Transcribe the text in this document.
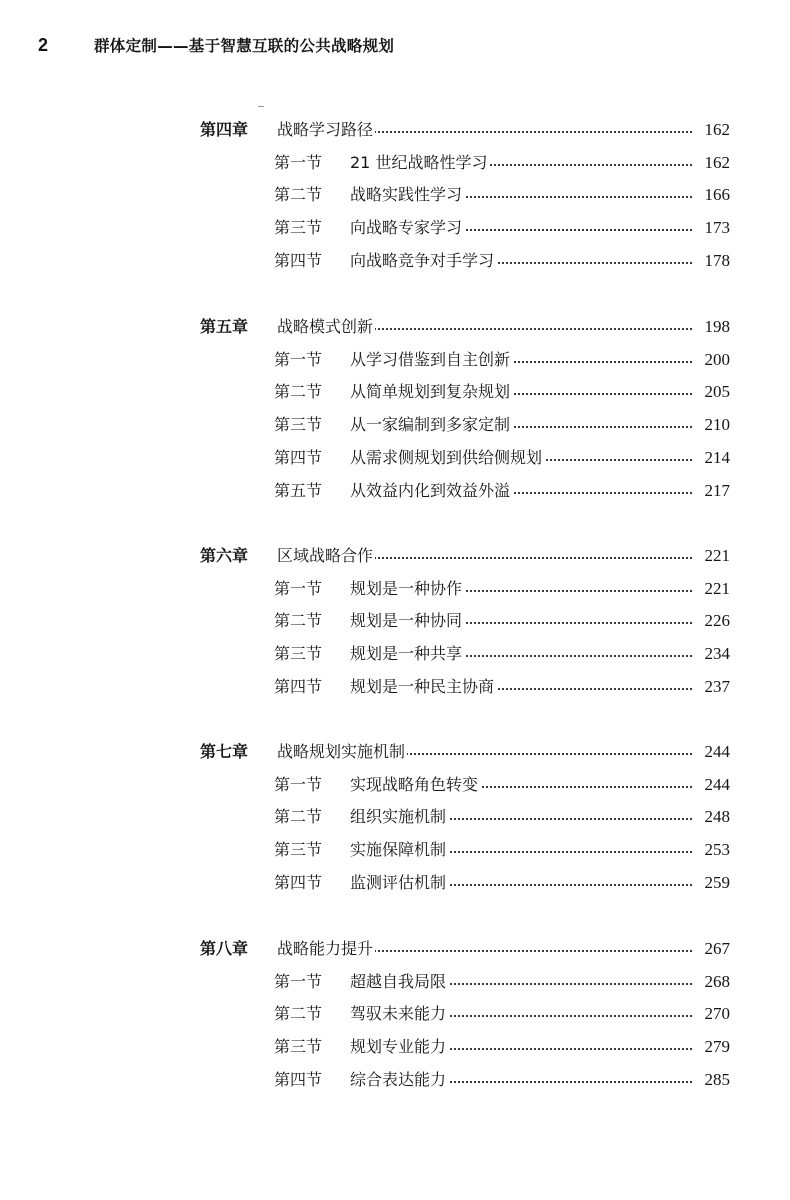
2	群体定制——基于智慧互联的公共战略规划
第四章 战略学习路径	162
第一节 21 世纪战略性学习	162
第二节 战略实践性学习	166
第三节 向战略专家学习	173
第四节 向战略竞争对手学习	178
第五章 战略模式创新	198
第一节 从学习借鉴到自主创新	200
第二节 从简单规划到复杂规划	205
第三节 从一家编制到多家定制	210
第四节 从需求侧规划到供给侧规划	214
第五节 从效益内化到效益外溢	217
第六章 区域战略合作	221
第一节 规划是一种协作	221
第二节 规划是一种协同	226
第三节 规划是一种共享	234
第四节 规划是一种民主协商	237
第七章 战略规划实施机制	244
第一节 实现战略角色转变	244
第二节 组织实施机制	248
第三节 实施保障机制	253
第四节 监测评估机制	259
第八章 战略能力提升	267
第一节 超越自我局限	268
第二节 驾驭未来能力	270
第三节 规划专业能力	279
第四节 综合表达能力	285
